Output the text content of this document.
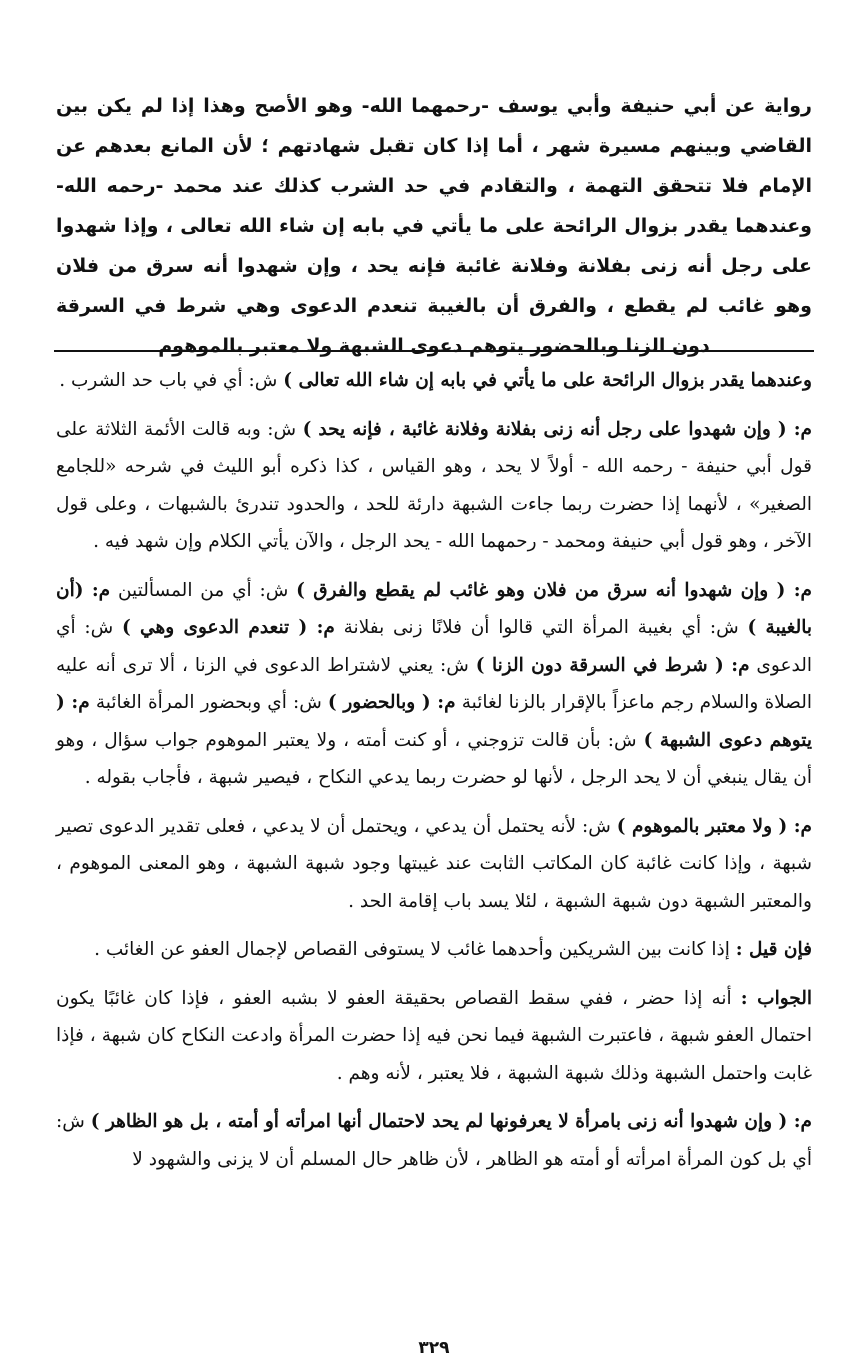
رواية عن أبي حنيفة وأبي يوسف -رحمهما الله- وهو الأصح وهذا إذا لم يكن بين القاضي وبينهم مسيرة شهر ، أما إذا كان تقبل شهادتهم ؛ لأن المانع بعدهم عن الإمام فلا تتحقق التهمة ، والتقادم في حد الشرب كذلك عند محمد -رحمه الله- وعندهما يقدر بزوال الرائحة على ما يأتي في بابه إن شاء الله تعالى ، وإذا شهدوا على رجل أنه زنى بفلانة وفلانة غائبة فإنه يحد ، وإن شهدوا أنه سرق من فلان وهو غائب لم يقطع ، والفرق أن بالغيبة تنعدم الدعوى وهي شرط في السرقة دون الزنا وبالحضور يتوهم دعوى الشبهة ولا معتبر بالموهوم

وعندهما يقدر بزوال الرائحة على ما يأتي في بابه إن شاء الله تعالى ) ش: أي في باب حد الشرب .

م: ( وإن شهدوا على رجل أنه زنى بفلانة وفلانة غائبة ، فإنه يحد ) ش: وبه قالت الأئمة الثلاثة على قول أبي حنيفة - رحمه الله - أولاً لا يحد ، وهو القياس ، كذا ذكره أبو الليث في شرحه «للجامع الصغير» ، لأنهما إذا حضرت ربما جاءت الشبهة دارئة للحد ، والحدود تندرئ بالشبهات ، وعلى قول الآخر ، وهو قول أبي حنيفة ومحمد - رحمهما الله - يحد الرجل ، والآن يأتي الكلام وإن شهد فيه .

م: ( وإن شهدوا أنه سرق من فلان وهو غائب لم يقطع والفرق ) ش: أي من المسألتين م: (أن بالغيبة ) ش: أي بغيبة المرأة التي قالوا أن فلانًا زنى بفلانة م: ( تنعدم الدعوى وهي ) ش: أي الدعوى م: ( شرط في السرقة دون الزنا ) ش: يعني لاشتراط الدعوى في الزنا ، ألا ترى أنه عليه الصلاة والسلام رجم ماعزاً بالإقرار بالزنا لغائبة م: ( وبالحضور ) ش: أي وبحضور المرأة الغائبة م: ( يتوهم دعوى الشبهة ) ش: بأن قالت تزوجني ، أو كنت أمته ، ولا يعتبر الموهوم جواب سؤال ، وهو أن يقال ينبغي أن لا يحد الرجل ، لأنها لو حضرت ربما يدعي النكاح ، فيصير شبهة ، فأجاب بقوله .

م: ( ولا معتبر بالموهوم ) ش: لأنه يحتمل أن يدعي ، ويحتمل أن لا يدعي ، فعلى تقدير الدعوى تصير شبهة ، وإذا كانت غائبة كان المكاتب الثابت عند غيبتها وجود شبهة الشبهة ، وهو المعنى الموهوم ، والمعتبر الشبهة دون شبهة الشبهة ، لئلا يسد باب إقامة الحد .

فإن قيل : إذا كانت بين الشريكين وأحدهما غائب لا يستوفى القصاص لإجمال العفو عن الغائب .

الجواب : أنه إذا حضر ، ففي سقط القصاص بحقيقة العفو لا بشبه العفو ، فإذا كان غائبًا يكون احتمال العفو شبهة ، فاعتبرت الشبهة فيما نحن فيه إذا حضرت المرأة وادعت النكاح كان شبهة ، فإذا غابت واحتمل الشبهة وذلك شبهة الشبهة ، فلا يعتبر ، لأنه وهم .

م: ( وإن شهدوا أنه زنى بامرأة لا يعرفونها لم يحد لاحتمال أنها امرأته أو أمته ، بل هو الظاهر ) ش: أي بل كون المرأة امرأته أو أمته هو الظاهر ، لأن ظاهر حال المسلم أن لا يزنى والشهود لا

٣٢٩
